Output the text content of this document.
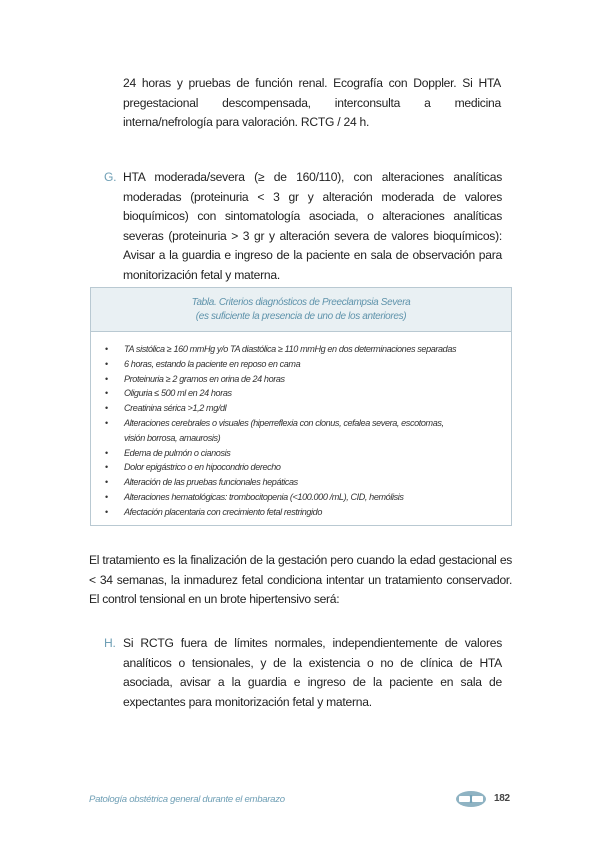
24 horas y pruebas de función renal. Ecografía con Doppler. Si HTA pregestacional descompensada, interconsulta a medicina interna/nefrología para valoración. RCTG / 24 h.

G. HTA moderada/severa (≥ de 160/110), con alteraciones analíticas moderadas (proteinuria < 3 gr y alteración moderada de valores bioquímicos) con sintomatología asociada, o alteraciones analíticas severas (proteinuria > 3 gr y alteración severa de valores bioquímicos): Avisar a la guardia e ingreso de la paciente en sala de observación para monitorización fetal y materna.
Tabla. Criterios diagnósticos de Preeclampsia Severa
(es suficiente la presencia de uno de los anteriores)
• TA sistólica ≥ 160 mmHg y/o TA diastólica ≥ 110 mmHg en dos determinaciones separadas
• 6 horas, estando la paciente en reposo en cama
• Proteinuria ≥ 2 gramos en orina de 24 horas
• Oliguria ≤ 500 ml en 24 horas
• Creatinina sérica >1,2 mg/dl
• Alteraciones cerebrales o visuales (hiperreflexia con clonus, cefalea severa, escotomas,
visión borrosa, amaurosis)
• Edema de pulmón o cianosis
• Dolor epigástrico o en hipocondrio derecho
• Alteración de las pruebas funcionales hepáticas
• Alteraciones hematológicas: trombocitopenia (<100.000 /mL), CID, hemólisis
• Afectación placentaria con crecimiento fetal restringido

El tratamiento es la finalización de la gestación pero cuando la edad gestacional es < 34 semanas, la inmadurez fetal condiciona intentar un tratamiento conservador. El control tensional en un brote hipertensivo será:

H. Si RCTG fuera de límites normales, independientemente de valores analíticos o tensionales, y de la existencia o no de clínica de HTA asociada, avisar a la guardia e ingreso de la paciente en sala de expectantes para monitorización fetal y materna.
Patología obstétrica general durante el embarazo	182
